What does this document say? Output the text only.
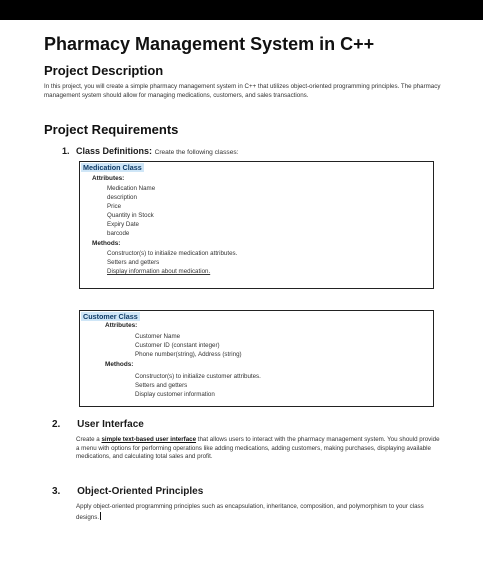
Pharmacy Management System in C++
Project Description
In this project, you will create a simple pharmacy management system in C++ that utilizes object-oriented programming principles. The pharmacy management system should allow for managing medications, customers, and sales transactions.
Project Requirements
1. Class Definitions: Create the following classes:
Medication Class
Attributes:
Medication Name
description
Price
Quantity in Stock
Expiry Date
barcode
Methods:
Constructor(s) to initialize medication attributes.
Setters and getters
Display information about medication.
Customer Class
Attributes:
Customer Name
Customer ID (constant integer)
Phone number(string), Address (string)
Methods:
Constructor(s) to initialize customer attributes.
Setters and getters
Display customer information
2. User Interface
Create a simple text-based user interface that allows users to interact with the pharmacy management system. You should provide a menu with options for performing operations like adding medications, adding customers, making purchases, displaying available medications, and calculating total sales and profit.
3. Object-Oriented Principles
Apply object-oriented programming principles such as encapsulation, inheritance, composition, and polymorphism to your class designs.
